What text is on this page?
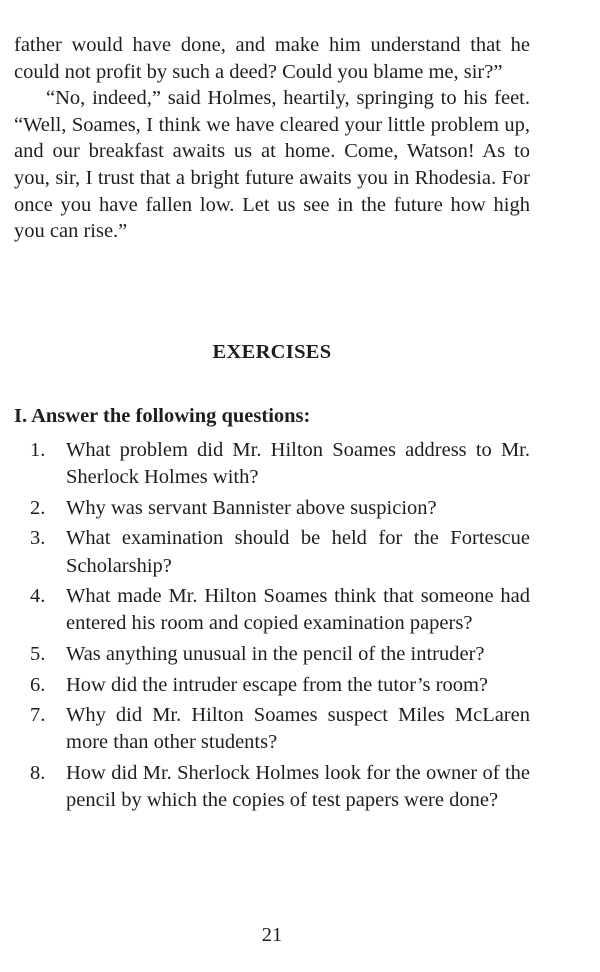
father would have done, and make him understand that he could not profit by such a deed? Could you blame me, sir?”

“No, indeed,” said Holmes, heartily, springing to his feet. “Well, Soames, I think we have cleared your little problem up, and our breakfast awaits us at home. Come, Watson! As to you, sir, I trust that a bright future awaits you in Rhodesia. For once you have fallen low. Let us see in the future how high you can rise.”

EXERCISES
I. Answer the following questions:
1.	What problem did Mr. Hilton Soames address to Mr. Sherlock Holmes with?
2.	Why was servant Bannister above suspicion?
3.	What examination should be held for the Fortescue Scholarship?
4.	What made Mr. Hilton Soames think that someone had entered his room and copied examination papers?
5.	Was anything unusual in the pencil of the intruder?
6.	How did the intruder escape from the tutor’s room?
7.	Why did Mr. Hilton Soames suspect Miles McLaren more than other students?
8.	How did Mr. Sherlock Holmes look for the owner of the pencil by which the copies of test papers were done?
21
